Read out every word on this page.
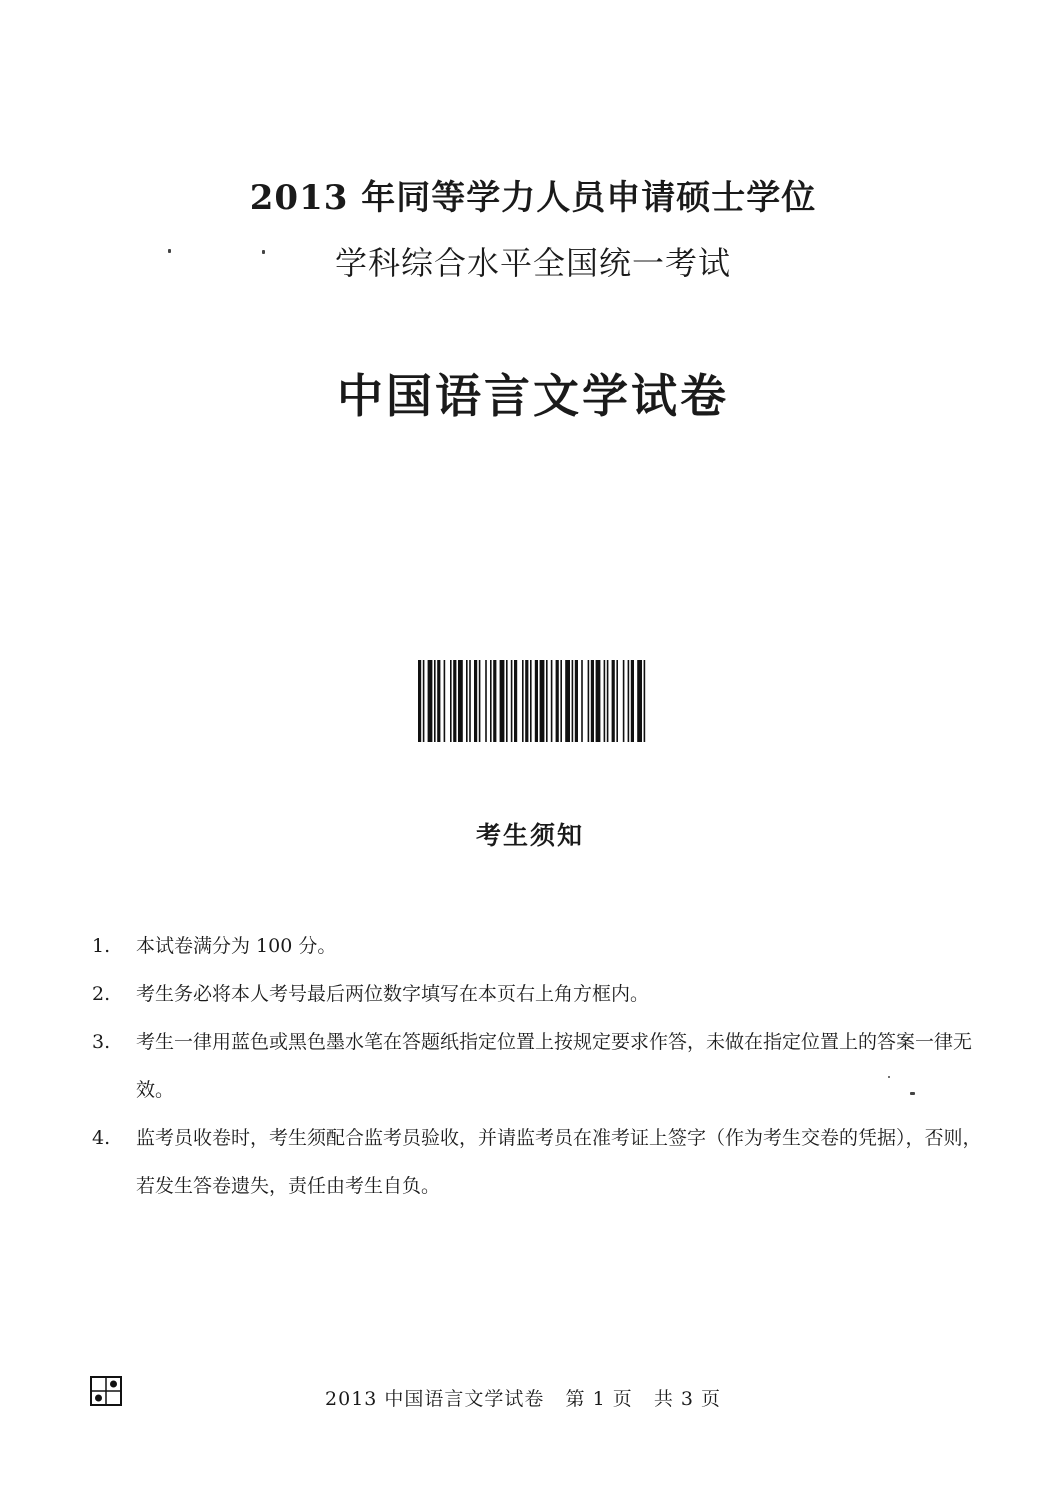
2013 年同等学力人员申请硕士学位
学科综合水平全国统一考试
中国语言文学试卷
考生须知
1.	本试卷满分为 100 分。
2.	考生务必将本人考号最后两位数字填写在本页右上角方框内。
3.	考生一律用蓝色或黑色墨水笔在答题纸指定位置上按规定要求作答，未做在指定位置上的答案一律无效。
4.	监考员收卷时，考生须配合监考员验收，并请监考员在准考证上签字（作为考生交卷的凭据），否则，若发生答卷遗失，责任由考生自负。
2013 中国语言文学试卷   第 1 页   共 3 页
